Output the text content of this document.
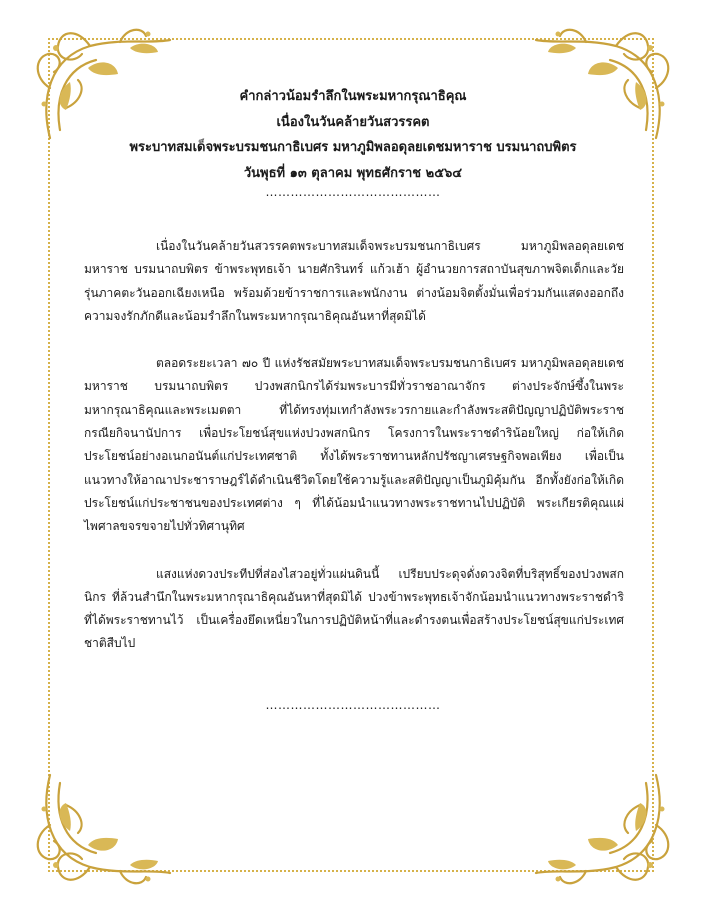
คำกล่าวน้อมรำลึกในพระมหากรุณาธิคุณ
เนื่องในวันคล้ายวันสวรรคต
พระบาทสมเด็จพระบรมชนกาธิเบศร มหาภูมิพลอดุลยเดชมหาราช บรมนาถบพิตร
วันพุธที่ ๑๓ ตุลาคม พุทธศักราช ๒๕๖๔
……………………………………

เนื่องในวันคล้ายวันสวรรคตพระบาทสมเด็จพระบรมชนกาธิเบศร มหาภูมิพลอดุลยเดชมหาราช บรมนาถบพิตร ข้าพระพุทธเจ้า นายศักรินทร์ แก้วเฮ้า ผู้อำนวยการสถาบันสุขภาพจิตเด็กและวัยรุ่นภาคตะวันออกเฉียงเหนือ พร้อมด้วยข้าราชการและพนักงาน ต่างน้อมจิตตั้งมั่นเพื่อร่วมกันแสดงออกถึงความจงรักภักดีและน้อมรำลึกในพระมหากรุณาธิคุณอันหาที่สุดมิได้

ตลอดระยะเวลา ๗๐ ปี แห่งรัชสมัยพระบาทสมเด็จพระบรมชนกาธิเบศร มหาภูมิพลอดุลยเดชมหาราช บรมนาถบพิตร ปวงพสกนิกรได้ร่มพระบารมีทั่วราชอาณาจักร ต่างประจักษ์ซึ้งในพระมหากรุณาธิคุณและพระเมตตา ที่ได้ทรงทุ่มเทกำลังพระวรกายและกำลังพระสติปัญญาปฏิบัติพระราชกรณียกิจนานัปการ เพื่อประโยชน์สุขแห่งปวงพสกนิกร โครงการในพระราชดำริน้อยใหญ่ ก่อให้เกิดประโยชน์อย่างอเนกอนันต์แก่ประเทศชาติ ทั้งได้พระราชทานหลักปรัชญาเศรษฐกิจพอเพียง เพื่อเป็นแนวทางให้อาณาประชาราษฎร์ได้ดำเนินชีวิตโดยใช้ความรู้และสติปัญญาเป็นภูมิคุ้มกัน อีกทั้งยังก่อให้เกิดประโยชน์แก่ประชาชนของประเทศต่าง ๆ ที่ได้น้อมนำแนวทางพระราชทานไปปฏิบัติ พระเกียรติคุณแผ่ไพศาลขจรขจายไปทั่วทิศานุทิศ

แสงแห่งดวงประทีปที่ส่องไสวอยู่ทั่วแผ่นดินนี้ เปรียบประดุจดั่งดวงจิตที่บริสุทธิ์ของปวงพสกนิกร ที่ล้วนสำนึกในพระมหากรุณาธิคุณอันหาที่สุดมิได้ ปวงข้าพระพุทธเจ้าจักน้อมนำแนวทางพระราชดำริที่ได้พระราชทานไว้ เป็นเครื่องยึดเหนี่ยวในการปฏิบัติหน้าที่และดำรงตนเพื่อสร้างประโยชน์สุขแก่ประเทศชาติสืบไป

……………………………………
